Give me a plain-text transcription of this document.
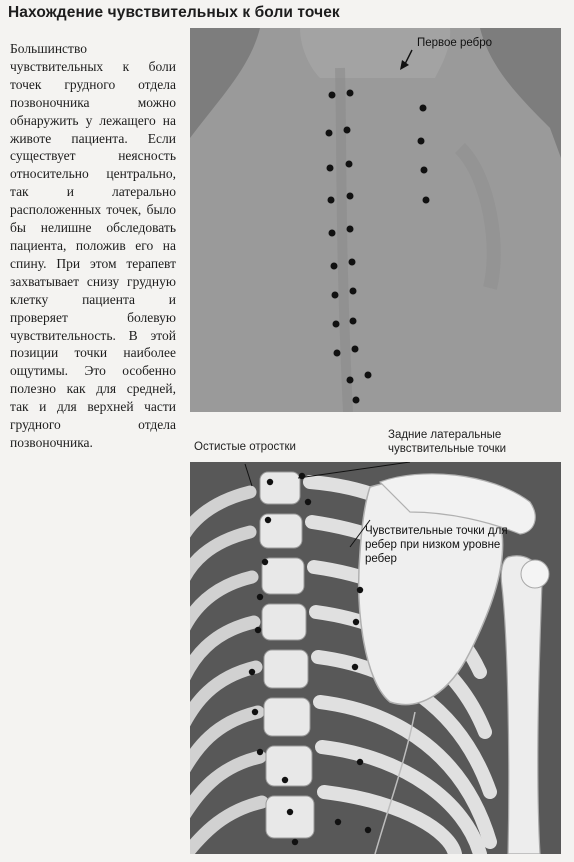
Нахождение чувствительных к боли точек
Большинство чувствительных к боли точек грудного отдела позвоночника можно обнаружить у лежащего на животе пациента. Если существует неясность относительно центрально, так и латерально расположенных точек, было бы нелишне обследовать пациента, положив его на спину. При этом терапевт захватывает снизу грудную клетку пациента и проверяет болевую чувствительность. В этой позиции точки наиболее ощутимы. Это особенно полезно как для средней, так и для верхней части грудного отдела позвоночника.
Первое ребро
Остистые отростки
Задние латеральные чувствительные точки
Чувствительные точки для ребер при низком уровне ребер
